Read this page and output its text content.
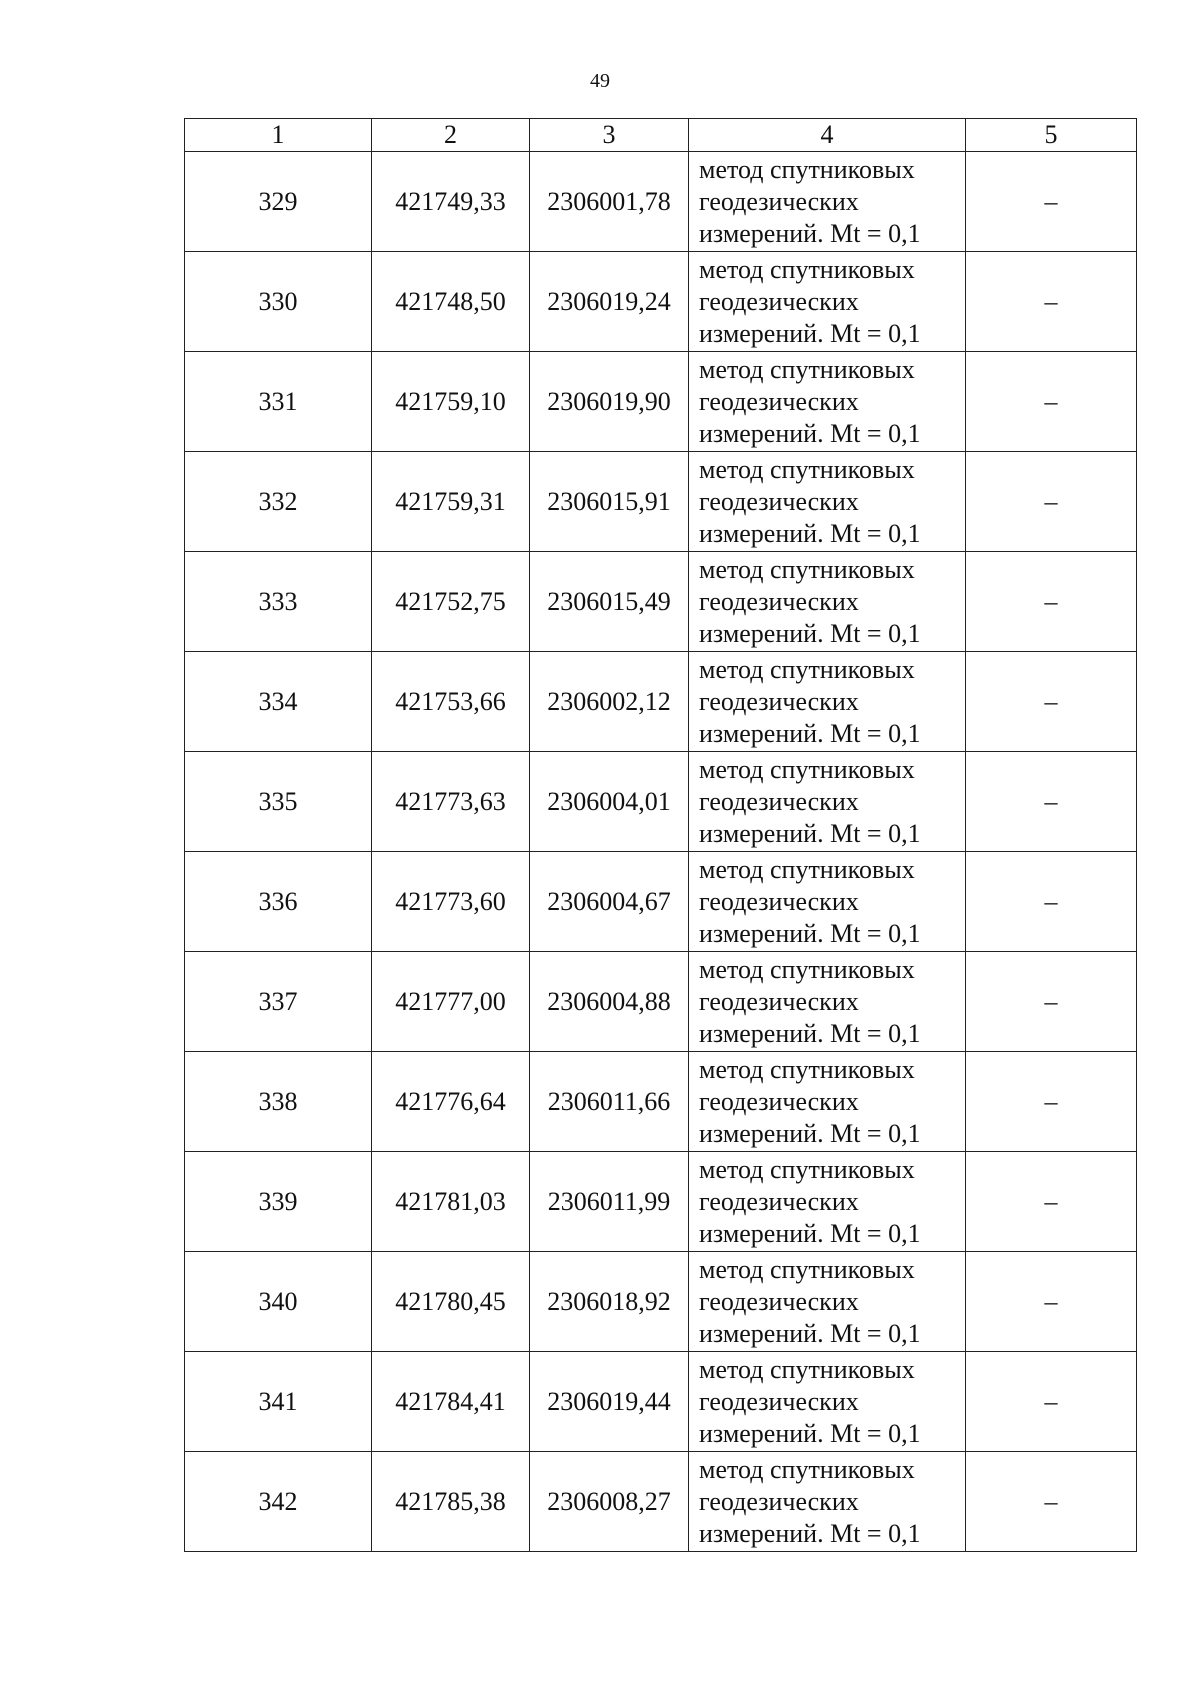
49
1	2	3	4	5
329	421749,33	2306001,78	метод спутниковых
геодезических
измерений. Mt = 0,1	–
330	421748,50	2306019,24	метод спутниковых
геодезических
измерений. Mt = 0,1	–
331	421759,10	2306019,90	метод спутниковых
геодезических
измерений. Mt = 0,1	–
332	421759,31	2306015,91	метод спутниковых
геодезических
измерений. Mt = 0,1	–
333	421752,75	2306015,49	метод спутниковых
геодезических
измерений. Mt = 0,1	–
334	421753,66	2306002,12	метод спутниковых
геодезических
измерений. Mt = 0,1	–
335	421773,63	2306004,01	метод спутниковых
геодезических
измерений. Mt = 0,1	–
336	421773,60	2306004,67	метод спутниковых
геодезических
измерений. Mt = 0,1	–
337	421777,00	2306004,88	метод спутниковых
геодезических
измерений. Mt = 0,1	–
338	421776,64	2306011,66	метод спутниковых
геодезических
измерений. Mt = 0,1	–
339	421781,03	2306011,99	метод спутниковых
геодезических
измерений. Mt = 0,1	–
340	421780,45	2306018,92	метод спутниковых
геодезических
измерений. Mt = 0,1	–
341	421784,41	2306019,44	метод спутниковых
геодезических
измерений. Mt = 0,1	–
342	421785,38	2306008,27	метод спутниковых
геодезических
измерений. Mt = 0,1	–
